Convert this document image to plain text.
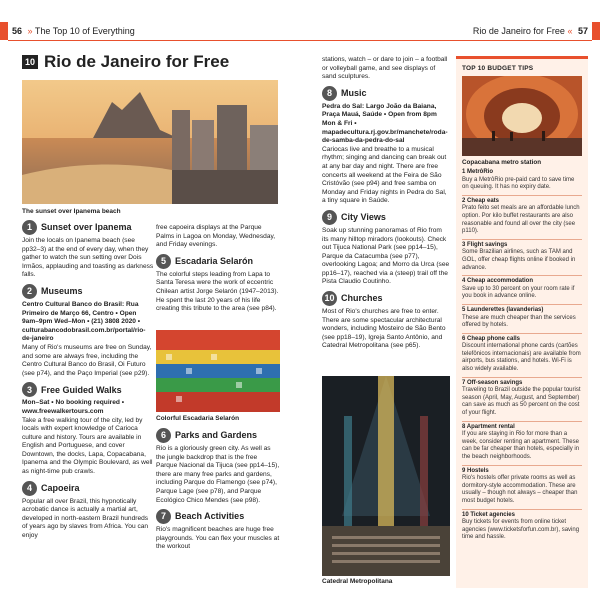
56 » The Top 10 of Everything	Rio de Janeiro for Free « 57
10 Rio de Janeiro for Free
The sunset over Ipanema beach
1	Sunset over Ipanema
Join the locals on Ipanema beach (see pp32–3) at the end of every day, when they gather to watch the sun setting over Dois Irmãos, applauding and toasting as darkness falls.
2	Museums
Centro Cultural Banco do Brasil: Rua Primeiro de Março 66, Centro • Open 9am–9pm Wed–Mon • (21) 3808 2020 • culturabancodobrasil.com.br/portal/rio-de-janeiro
Many of Rio's museums are free on Sunday, and some are always free, including the Centro Cultural Banco do Brasil, Oi Futuro (see p74), and the Paço Imperial (see p29).
3	Free Guided Walks
Mon–Sat • No booking required • www.freewalkertours.com
Take a free walking tour of the city, led by locals with expert knowledge of Carioca culture and history. Tours are available in English and Portuguese, and cover Downtown, the docks, Lapa, Copacabana, Ipanema and the Olympic Boulevard, as well as night-time pub crawls.
4	Capoeira
Popular all over Brazil, this hypnotically acrobatic dance is actually a martial art, developed in north-eastern Brazil hundreds of years ago by slaves from Africa. You can enjoy
free capoeira displays at the Parque Palms in Lagoa on Monday, Wednesday, and Friday evenings.
5	Escadaria Selarón
The colorful steps leading from Lapa to Santa Teresa were the work of eccentric Chilean artist Jorge Selarón (1947–2013). He spent the last 20 years of his life creating this tribute to the area (see p84).
Colorful Escadaria Selarón
6	Parks and Gardens
Rio is a gloriously green city. As well as the jungle backdrop that is the free Parque Nacional da Tijuca (see pp14–15), there are many free parks and gardens, including Parque do Flamengo (see p74), Parque Lage (see p78), and Parque Ecológico Chico Mendes (see p98).
7	Beach Activities
Rio's magnificent beaches are huge free playgrounds. You can flex your muscles at the workout
stations, watch – or dare to join – a football or volleyball game, and see displays of sand sculptures.
8	Music
Pedra do Sal: Largo João da Baiana, Praça Mauá, Saúde • Open from 8pm Mon & Fri • mapadecultura.rj.gov.br/manchete/roda-de-samba-da-pedra-do-sal
Cariocas live and breathe to a musical rhythm; singing and dancing can break out at any bar day and night. There are free concerts all weekend at the Feira de São Cristóvão (see p94) and free samba on Monday and Friday nights in Pedra do Sal, a tiny square in Saúde.
9	City Views
Soak up stunning panoramas of Rio from its many hilltop miradors (lookouts). Check out Tijuca National Park (see pp14–15), Parque da Catacumba (see p77), overlooking Lagoa; and Morro da Urca (see pp16–17), reached via a (steep) trail off the Pista Claudio Coutinho.
10 Churches
Most of Rio's churches are free to enter. There are some spectacular architectural wonders, including Mosteiro de São Bento (see pp18–19), Igreja Santo Antônio, and Catedral Metropolitana (see p65).
Catedral Metropolitana
TOP 10 BUDGET TIPS
Copacabana metro station
1 MetrôRio
Buy a MetrôRio pre-paid card to save time on queuing. It has no expiry date.
2 Cheap eats
Prato feito set meals are an affordable lunch option. Por kilo buffet restaurants are also reasonable and found all over the city (see p110).
3 Flight savings
Some Brazilian airlines, such as TAM and GOL, offer cheap flights online if booked in advance.
4 Cheap accommodation
Save up to 30 percent on your room rate if you book in advance online.
5 Launderettes (lavanderias)
These are much cheaper than the services offered by hotels.
6 Cheap phone calls
Discount international phone cards (cartões telefônicos internacionais) are available from airports, bus stations, and hotels. Wi-Fi is also widely available.
7 Off-season savings
Traveling to Brazil outside the popular tourist season (April, May, August, and September) can save as much as 50 percent on the cost of your flight.
8 Apartment rental
If you are staying in Rio for more than a week, consider renting an apartment. These can be far cheaper than hotels, especially in the beach neighborhoods.
9 Hostels
Rio's hostels offer private rooms as well as dormitory-style accommodation. These are usually – though not always – cheaper than most budget hotels.
10 Ticket agencies
Buy tickets for events from online ticket agencies (www.ticketsforfun.com.br), saving time and hassle.
